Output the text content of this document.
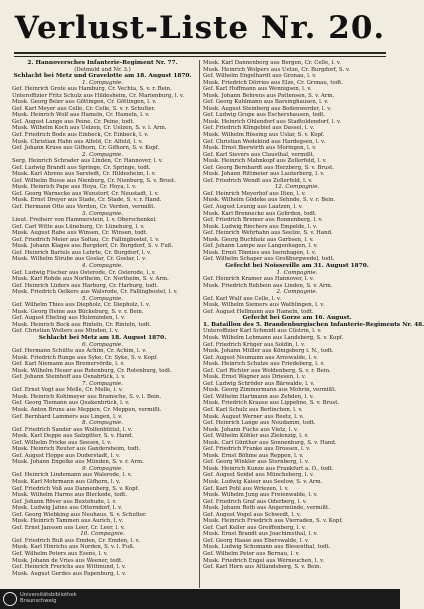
Verlust-Liste Nr. 20.
2. Hannoversches Infanterie-Regiment Nr. 77.
(Detmold und Nr. 3.)
Schlacht bei Metz und Gravelotte am 18. August 1870.
1. Compagnie.
Gef. Heinrich Grote aus Hamburg, Cr. Vechta, S. v. r. Bein.
Unteroffizier Fritz Schulz aus Hildesheim, Cr. Marienburg, l. v.
Musk. Georg Beier aus Göttingen, Cr. Göttingen, l. v.
Gef. Karl Meyer aus Celle, Cr. Celle, S. v. r. Schulter.
Musk. Heinrich Wolf aus Hameln, Cr. Hameln, l. v.
Gef. August Lange aus Peine, Cr. Peine, todt.
Musk. Wilhelm Koch aus Uelzen, Cr. Uelzen, S. v. l. Arm.
Gef. Friedrich Bode aus Einbeck, Cr. Einbeck, l. v.
Musk. Christian Hahn aus Alfeld, Cr. Alfeld, l. v.
Gef. Johann Kruse aus Gifhorn, Cr. Gifhorn, S. v. Kopf.
2. Compagnie.
Serg. Heinrich Schrader aus Linden, Cr. Hannover, l. v.
Gef. Ludwig Brandt aus Springe, Cr. Springe, todt.
Musk. Karl Ahrens aus Sarstedt, Cr. Hildesheim, l. v.
Gef. Wilhelm Busse aus Nienburg, Cr. Nienburg, S. v. Brust.
Musk. Heinrich Pape aus Hoya, Cr. Hoya, l. v.
Gef. Georg Warnecke aus Wunstorf, Cr. Neustadt, l. v.
Musk. Ernst Dreyer aus Stade, Cr. Stade, S. v. r. Hand.
Gef. Hermann Otte aus Verden, Cr. Verden, vermißt.
3. Compagnie.
Lieut. Freiherr von Hammerstein, l. v. Oberschenkel.
Gef. Carl Witte aus Lüneburg, Cr. Lüneburg, l. v.
Musk. August Rabe aus Winsen, Cr. Winsen, todt.
Gef. Friedrich Meier aus Soltau, Cr. Fallingbostel, l. v.
Musk. Johann Klages aus Burgdorf, Cr. Burgdorf, S. v. Fuß.
Gef. Heinrich Bartels aus Lehrte, Cr. Burgdorf, l. v.
Musk. Wilhelm Strube aus Goslar, Cr. Goslar, l. v.
4. Compagnie.
Gef. Ludwig Fischer aus Osterode, Cr. Osterode, l. v.
Musk. Karl Rohde aus Northeim, Cr. Northeim, S. v. Arm.
Gef. Heinrich Lüders aus Harburg, Cr. Harburg, todt.
Musk. Friedrich Oelkers aus Walsrode, Cr. Fallingbostel, l. v.
5. Compagnie.
Gef. Wilhelm Thies aus Diepholz, Cr. Diepholz, l. v.
Musk. Georg Heine aus Bückeburg, S. v. r. Bein.
Gef. August Ebeling aus Holzminden, l. v.
Musk. Heinrich Bock aus Rinteln, Cr. Rinteln, todt.
Gef. Christian Wolters aus Minden, l. v.
Schlacht bei Metz am 18. August 1870.
6. Compagnie.
Gef. Hermann Schütte aus Achim, Cr. Achim, l. v.
Musk. Friedrich Runge aus Syke, Cr. Syke, S. v. Kopf.
Gef. Karl Niemann aus Bremervörde, l. v.
Musk. Wilhelm Heuer aus Rotenburg, Cr. Rotenburg, todt.
Gef. Johann Steinhoff aus Osnabrück, l. v.
7. Compagnie.
Gef. Ernst Vogt aus Melle, Cr. Melle, l. v.
Musk. Heinrich Kohlmeyer aus Bramsche, S. v. l. Bein.
Gef. Georg Tiemann aus Quakenbrück, l. v.
Musk. Anton Bruns aus Meppen, Cr. Meppen, vermißt.
Gef. Bernhard Lammers aus Lingen, l. v.
8. Compagnie.
Gef. Friedrich Sander aus Wolfenbüttel, l. v.
Musk. Karl Deppe aus Salzgitter, S. v. Hand.
Gef. Wilhelm Fricke aus Seesen, l. v.
Musk. Heinrich Reuter aus Gandersheim, todt.
Gef. August Hoppe aus Duderstadt, l. v.
Musk. Johann Engelke aus Münden, S. v. r. Arm.
9. Compagnie.
Gef. Heinrich Lindemann aus Walsrode, l. v.
Musk. Karl Mohrmann aus Gifhorn, l. v.
Gef. Friedrich Voß aus Dannenberg, S. v. Kopf.
Musk. Wilhelm Harms aus Bleckede, todt.
Gef. Johann Röver aus Buxtehude, l. v.
Musk. Ludwig Jahns aus Otterndorf, l. v.
Gef. Georg Wiebking aus Neuhaus, S. v. Schulter.
Musk. Heinrich Tammen aus Aurich, l. v.
Gef. Ernst Janssen aus Leer, Cr. Leer, l. v.
10. Compagnie.
Gef. Friedrich Buß aus Emden, Cr. Emden, l. v.
Musk. Karl Hinrichs aus Norden, S. v. l. Fuß.
Gef. Wilhelm Peters aus Esens, l. v.
Musk. Johann de Vries aus Weener, todt.
Gef. Heinrich Frerichs aus Wittmund, l. v.
Musk. August Gerdes aus Papenburg, l. v.
Musk. Karl Dannenberg aus Bergen, Cr. Celle, l. v.
Musk. Heinrich Wolpers aus Uetze, Cr. Burgdorf, S. v.
Gef. Wilhelm Engelhardt aus Gronau, l. v.
Musk. Friedrich Dörries aus Elze, Cr. Gronau, todt.
Gef. Karl Hoffmann aus Wennigsen, l. v.
Musk. Johann Behrens aus Pattensen, S. v. Arm.
Gef. Georg Kuhlmann aus Barsinghausen, l. v.
Musk. August Steinberg aus Bodenwerder, l. v.
Gef. Ludwig Grupe aus Eschershausen, todt.
Musk. Heinrich Ohlendorf aus Stadtoldendorf, l. v.
Gef. Friedrich Klingebiel aus Dassel, l. v.
Musk. Wilhelm Rössing aus Uslar, S. v. Kopf.
Gef. Christian Wedekind aus Hardegsen, l. v.
Musk. Ernst Bierwirth aus Moringen, l. v.
Gef. Karl Sievers aus Clausthal, vermißt.
Musk. Heinrich Mahnkopf aus Zellerfeld, l. v.
Gef. Georg Bernhardt aus Herzberg, S. v. Brust.
Musk. Johann Rittmeier aus Lauterberg, l. v.
Gef. Friedrich Wendt aus Zellerfeld, l. v.
12. Compagnie.
Gef. Heinrich Meyerhof aus Ilten, l. v.
Musk. Wilhelm Gödeke aus Sehnde, S. v. r. Bein.
Gef. August Leunig aus Laatzen, l. v.
Musk. Karl Brennecke aus Gehrden, todt.
Gef. Friedrich Bremer aus Ronnenberg, l. v.
Musk. Ludwig Riechers aus Empelde, l. v.
Gef. Heinrich Wehrhahn aus Seelze, S. v. Hand.
Musk. Georg Buchholz aus Garbsen, l. v.
Gef. Johann Lampe aus Langenhagen, l. v.
Musk. Ernst Tönnies aus Isernhagen, l. v.
Gef. Wilhelm Schaper aus Großburgwedel, todt.
Gefecht bei Noisseville am 31. August 1870.
1. Compagnie.
Gef. Heinrich Kramer aus Hannover, l. v.
Musk. Friedrich Rehbein aus Linden, S. v. Arm.
2. Compagnie.
Gef. Karl Wulf aus Celle, l. v.
Musk. Wilhelm Siemers aus Wathlingen, l. v.
Gef. August Hellmann aus Hameln, todt.
Gefecht bei Gorze am 16. August.
1. Bataillon des 5. Brandenburgischen Infanterie-Regiments Nr. 48.
Unteroffizier Karl Schmidt aus Cüstrin, l. v.
Musk. Wilhelm Lehmann aus Landsberg, S. v. Kopf.
Gef. Friedrich Krüger aus Soldin, l. v.
Musk. Johann Müller aus Königsberg i. N., todt.
Gef. August Neumann aus Arnswalde, l. v.
Musk. Heinrich Schulze aus Friedeberg, l. v.
Gef. Carl Richter aus Woldenberg, S. v. r. Bein.
Musk. Ernst Wagner aus Driesen, l. v.
Gef. Ludwig Schröder aus Bärwalde, l. v.
Musk. Georg Zimmermann aus Mohrin, vermißt.
Gef. Wilhelm Hartmann aus Zehden, l. v.
Musk. Friedrich Krause aus Lippehne, S. v. Brust.
Gef. Karl Schulz aus Berlinchen, l. v.
Musk. August Werner aus Reetz, l. v.
Gef. Heinrich Lange aus Neudamm, todt.
Musk. Johann Fuchs aus Vietz, l. v.
Gef. Wilhelm Köhler aus Zielenzig, l. v.
Musk. Carl Günther aus Sonnenburg, S. v. Hand.
Gef. Friedrich Franke aus Drossen, l. v.
Musk. Ernst Böhme aus Reppen, l. v.
Gef. Georg Winkler aus Sternberg, l. v.
Musk. Heinrich Kunze aus Frankfurt a. O., todt.
Gef. August Seidel aus Müncheberg, l. v.
Musk. Ludwig Kaiser aus Seelow, S. v. Arm.
Gef. Karl Pohl aus Wriezen, l. v.
Musk. Wilhelm Jung aus Freienwalde, l. v.
Gef. Friedrich Graf aus Oderberg, l. v.
Musk. Johann Roth aus Angermünde, vermißt.
Gef. August Vogel aus Schwedt, l. v.
Musk. Heinrich Friedrich aus Vierraden, S. v. Kopf.
Gef. Carl Keller aus Greiffenberg, l. v.
Musk. Ernst Brandt aus Joachimsthal, l. v.
Gef. Georg Haase aus Eberswalde, l. v.
Musk. Ludwig Schumann aus Biesenthal, todt.
Gef. Wilhelm Peter aus Bernau, l. v.
Musk. Friedrich Engel aus Werneuchen, l. v.
Gef. Karl Horn aus Altlandsberg, S. v. Bein.
Universitätsbibliothek
Braunschweig
